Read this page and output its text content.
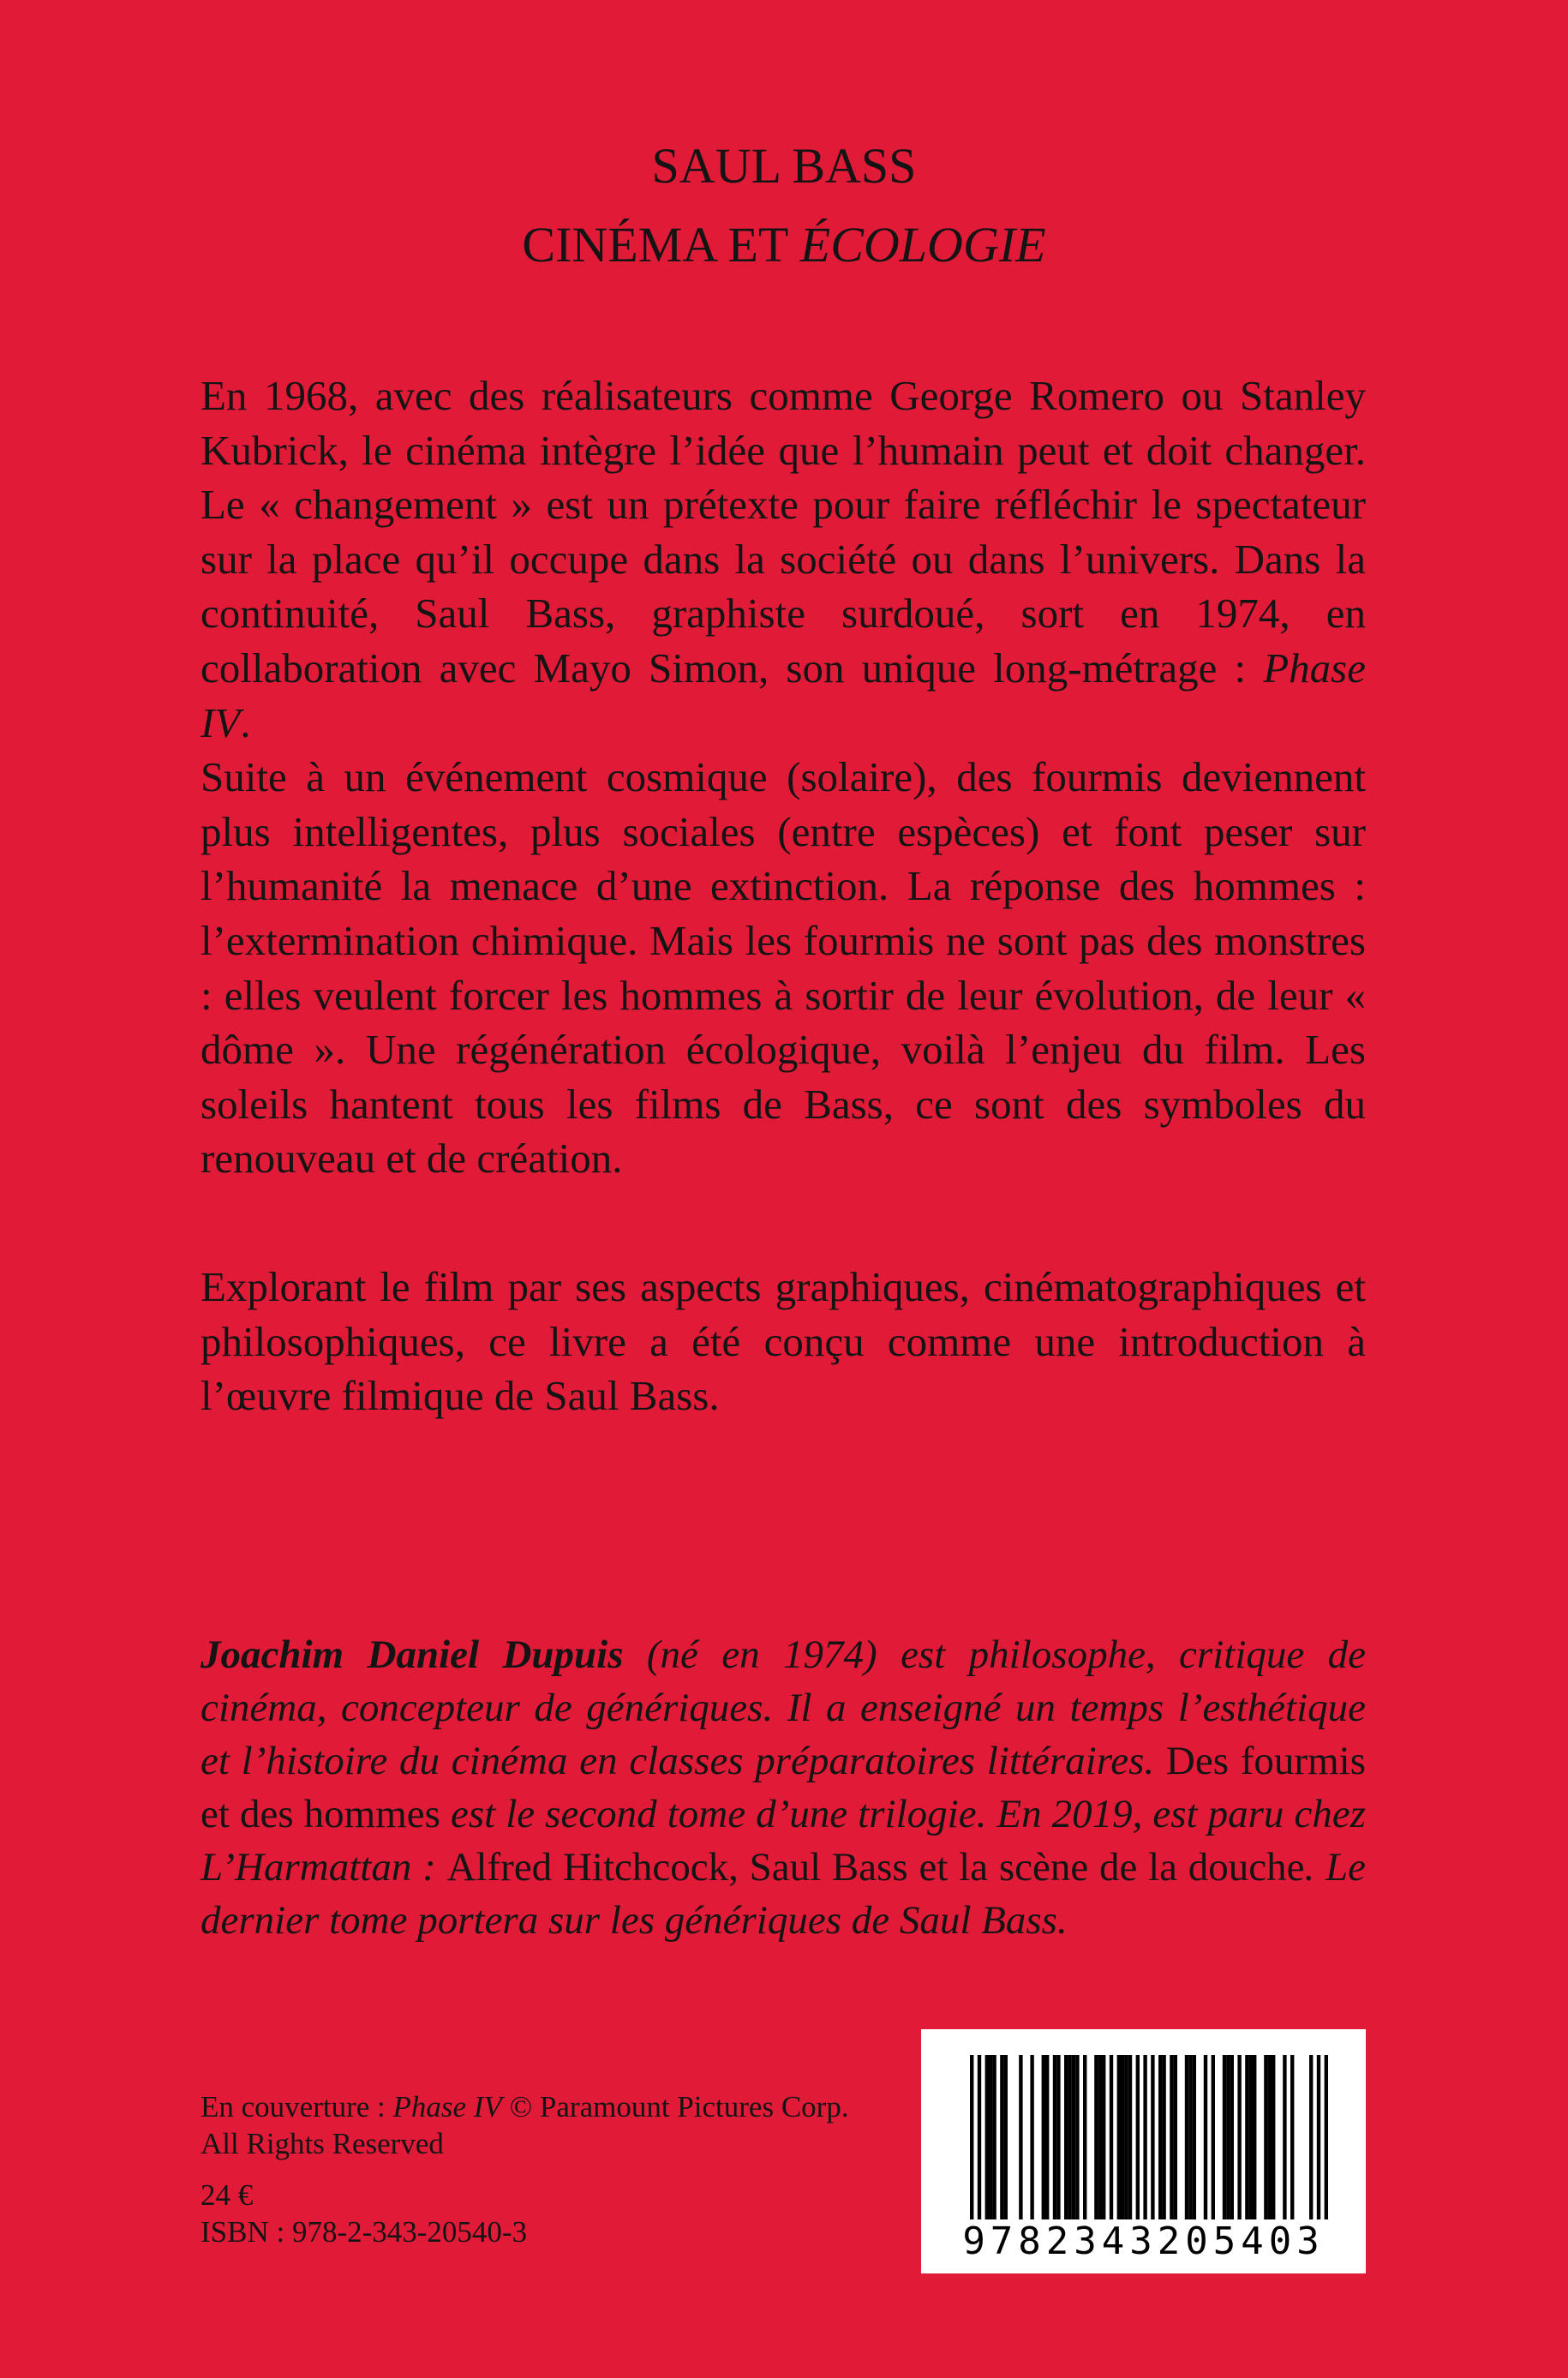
SAUL BASS

CINÉMA ET ÉCOLOGIE

En 1968, avec des réalisateurs comme George Romero ou Stanley Kubrick, le cinéma intègre l’idée que l’humain peut et doit changer. Le « changement » est un prétexte pour faire réfléchir le spectateur sur la place qu’il occupe dans la société ou dans l’univers. Dans la continuité, Saul Bass, graphiste surdoué, sort en 1974, en collaboration avec Mayo Simon, son unique long-métrage : Phase IV.
Suite à un événement cosmique (solaire), des fourmis deviennent plus intelligentes, plus sociales (entre espèces) et font peser sur l’humanité la menace d’une extinction. La réponse des hommes : l’extermination chimique. Mais les fourmis ne sont pas des monstres : elles veulent forcer les hommes à sortir de leur évolution, de leur « dôme ». Une régénération écologique, voilà l’enjeu du film. Les soleils hantent tous les films de Bass, ce sont des symboles du renouveau et de création.

Explorant le film par ses aspects graphiques, cinématographiques et philosophiques, ce livre a été conçu comme une introduction à l’œuvre filmique de Saul Bass.

Joachim Daniel Dupuis (né en 1974) est philosophe, critique de cinéma, concepteur de génériques. Il a enseigné un temps l’esthétique et l’histoire du cinéma en classes préparatoires littéraires. Des fourmis et des hommes est le second tome d’une trilogie. En 2019, est paru chez L’Harmattan : Alfred Hitchcock, Saul Bass et la scène de la douche. Le dernier tome portera sur les génériques de Saul Bass.

En couverture : Phase IV © Paramount Pictures Corp.
All Rights Reserved

24 €
ISBN : 978-2-343-20540-3	9782343205403
